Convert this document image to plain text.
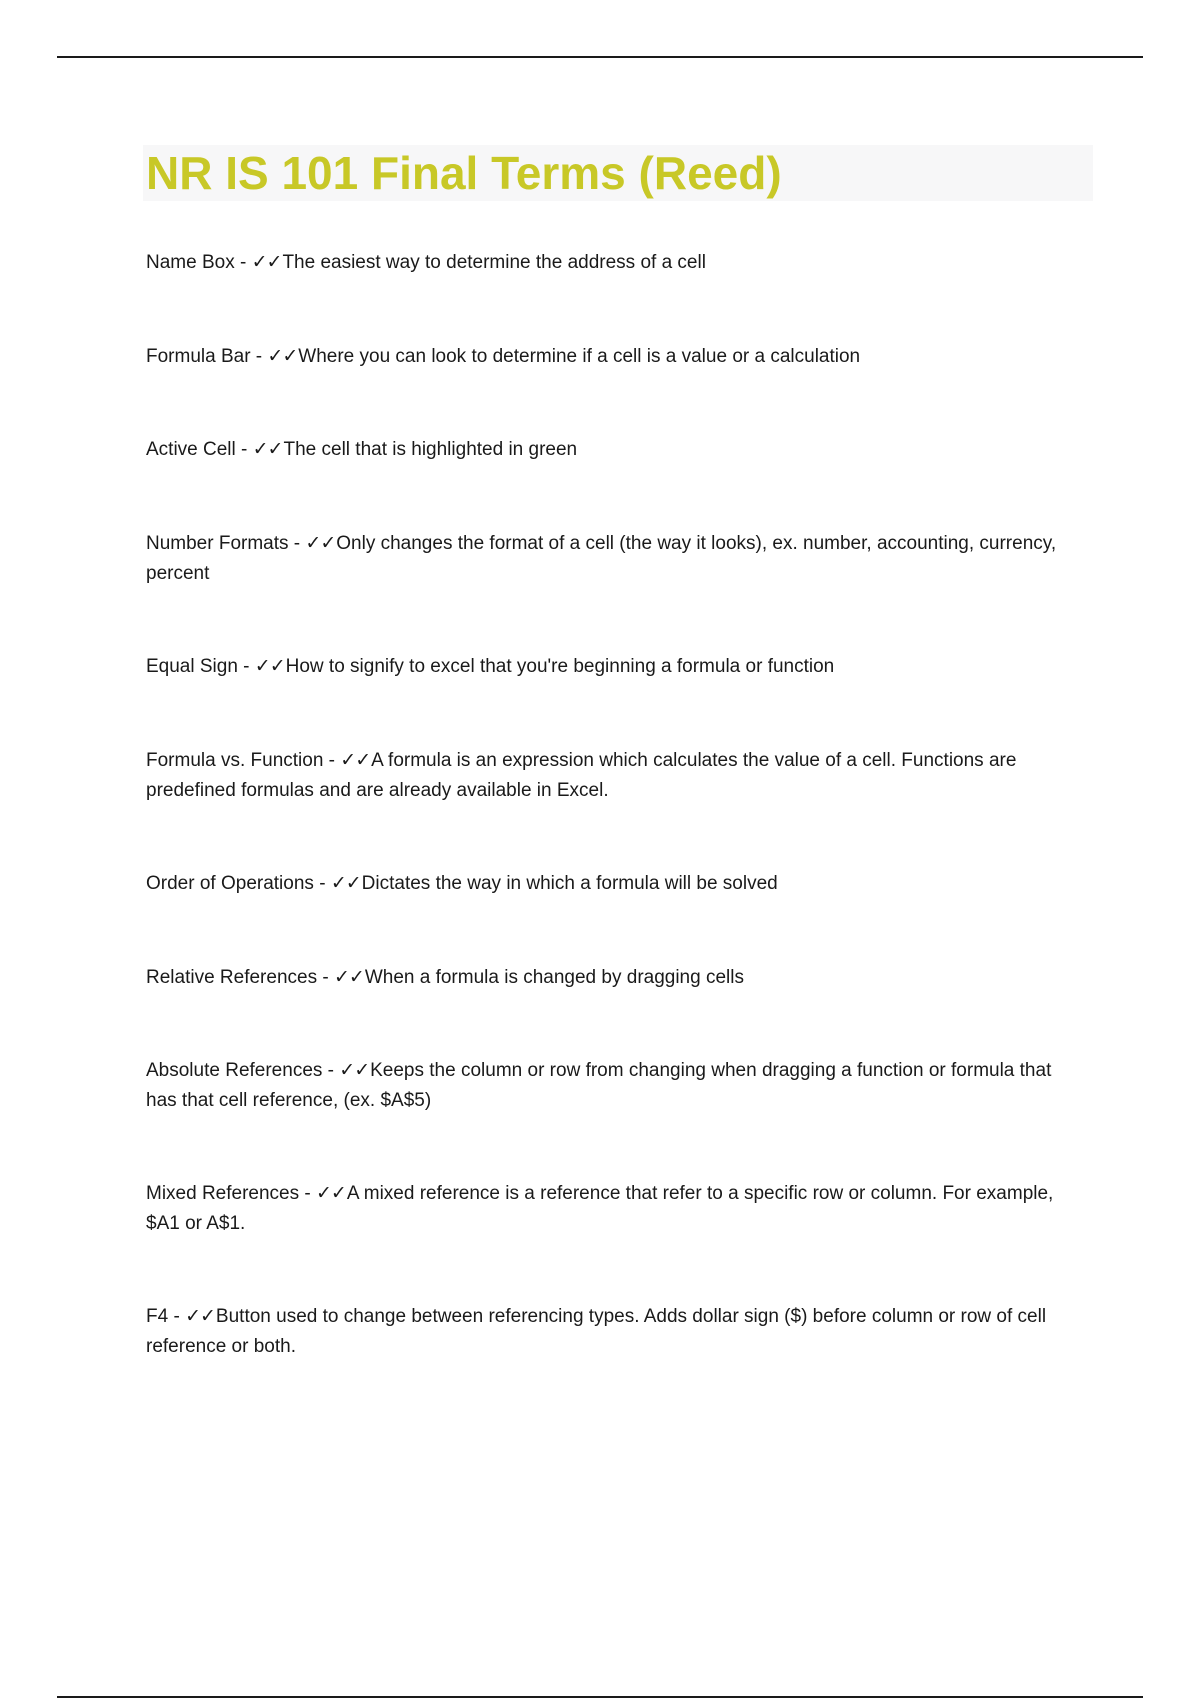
NR IS 101 Final Terms (Reed)

Name Box - ✓✓The easiest way to determine the address of a cell

Formula Bar - ✓✓Where you can look to determine if a cell is a value or a calculation

Active Cell - ✓✓The cell that is highlighted in green

Number Formats - ✓✓Only changes the format of a cell (the way it looks), ex. number, accounting, currency, percent

Equal Sign - ✓✓How to signify to excel that you're beginning a formula or function

Formula vs. Function - ✓✓A formula is an expression which calculates the value of a cell. Functions are predefined formulas and are already available in Excel.

Order of Operations - ✓✓Dictates the way in which a formula will be solved

Relative References - ✓✓When a formula is changed by dragging cells

Absolute References - ✓✓Keeps the column or row from changing when dragging a function or formula that has that cell reference, (ex. $A$5)

Mixed References - ✓✓A mixed reference is a reference that refer to a specific row or column. For example, $A1 or A$1.

F4 - ✓✓Button used to change between referencing types. Adds dollar sign ($) before column or row of cell reference or both.
